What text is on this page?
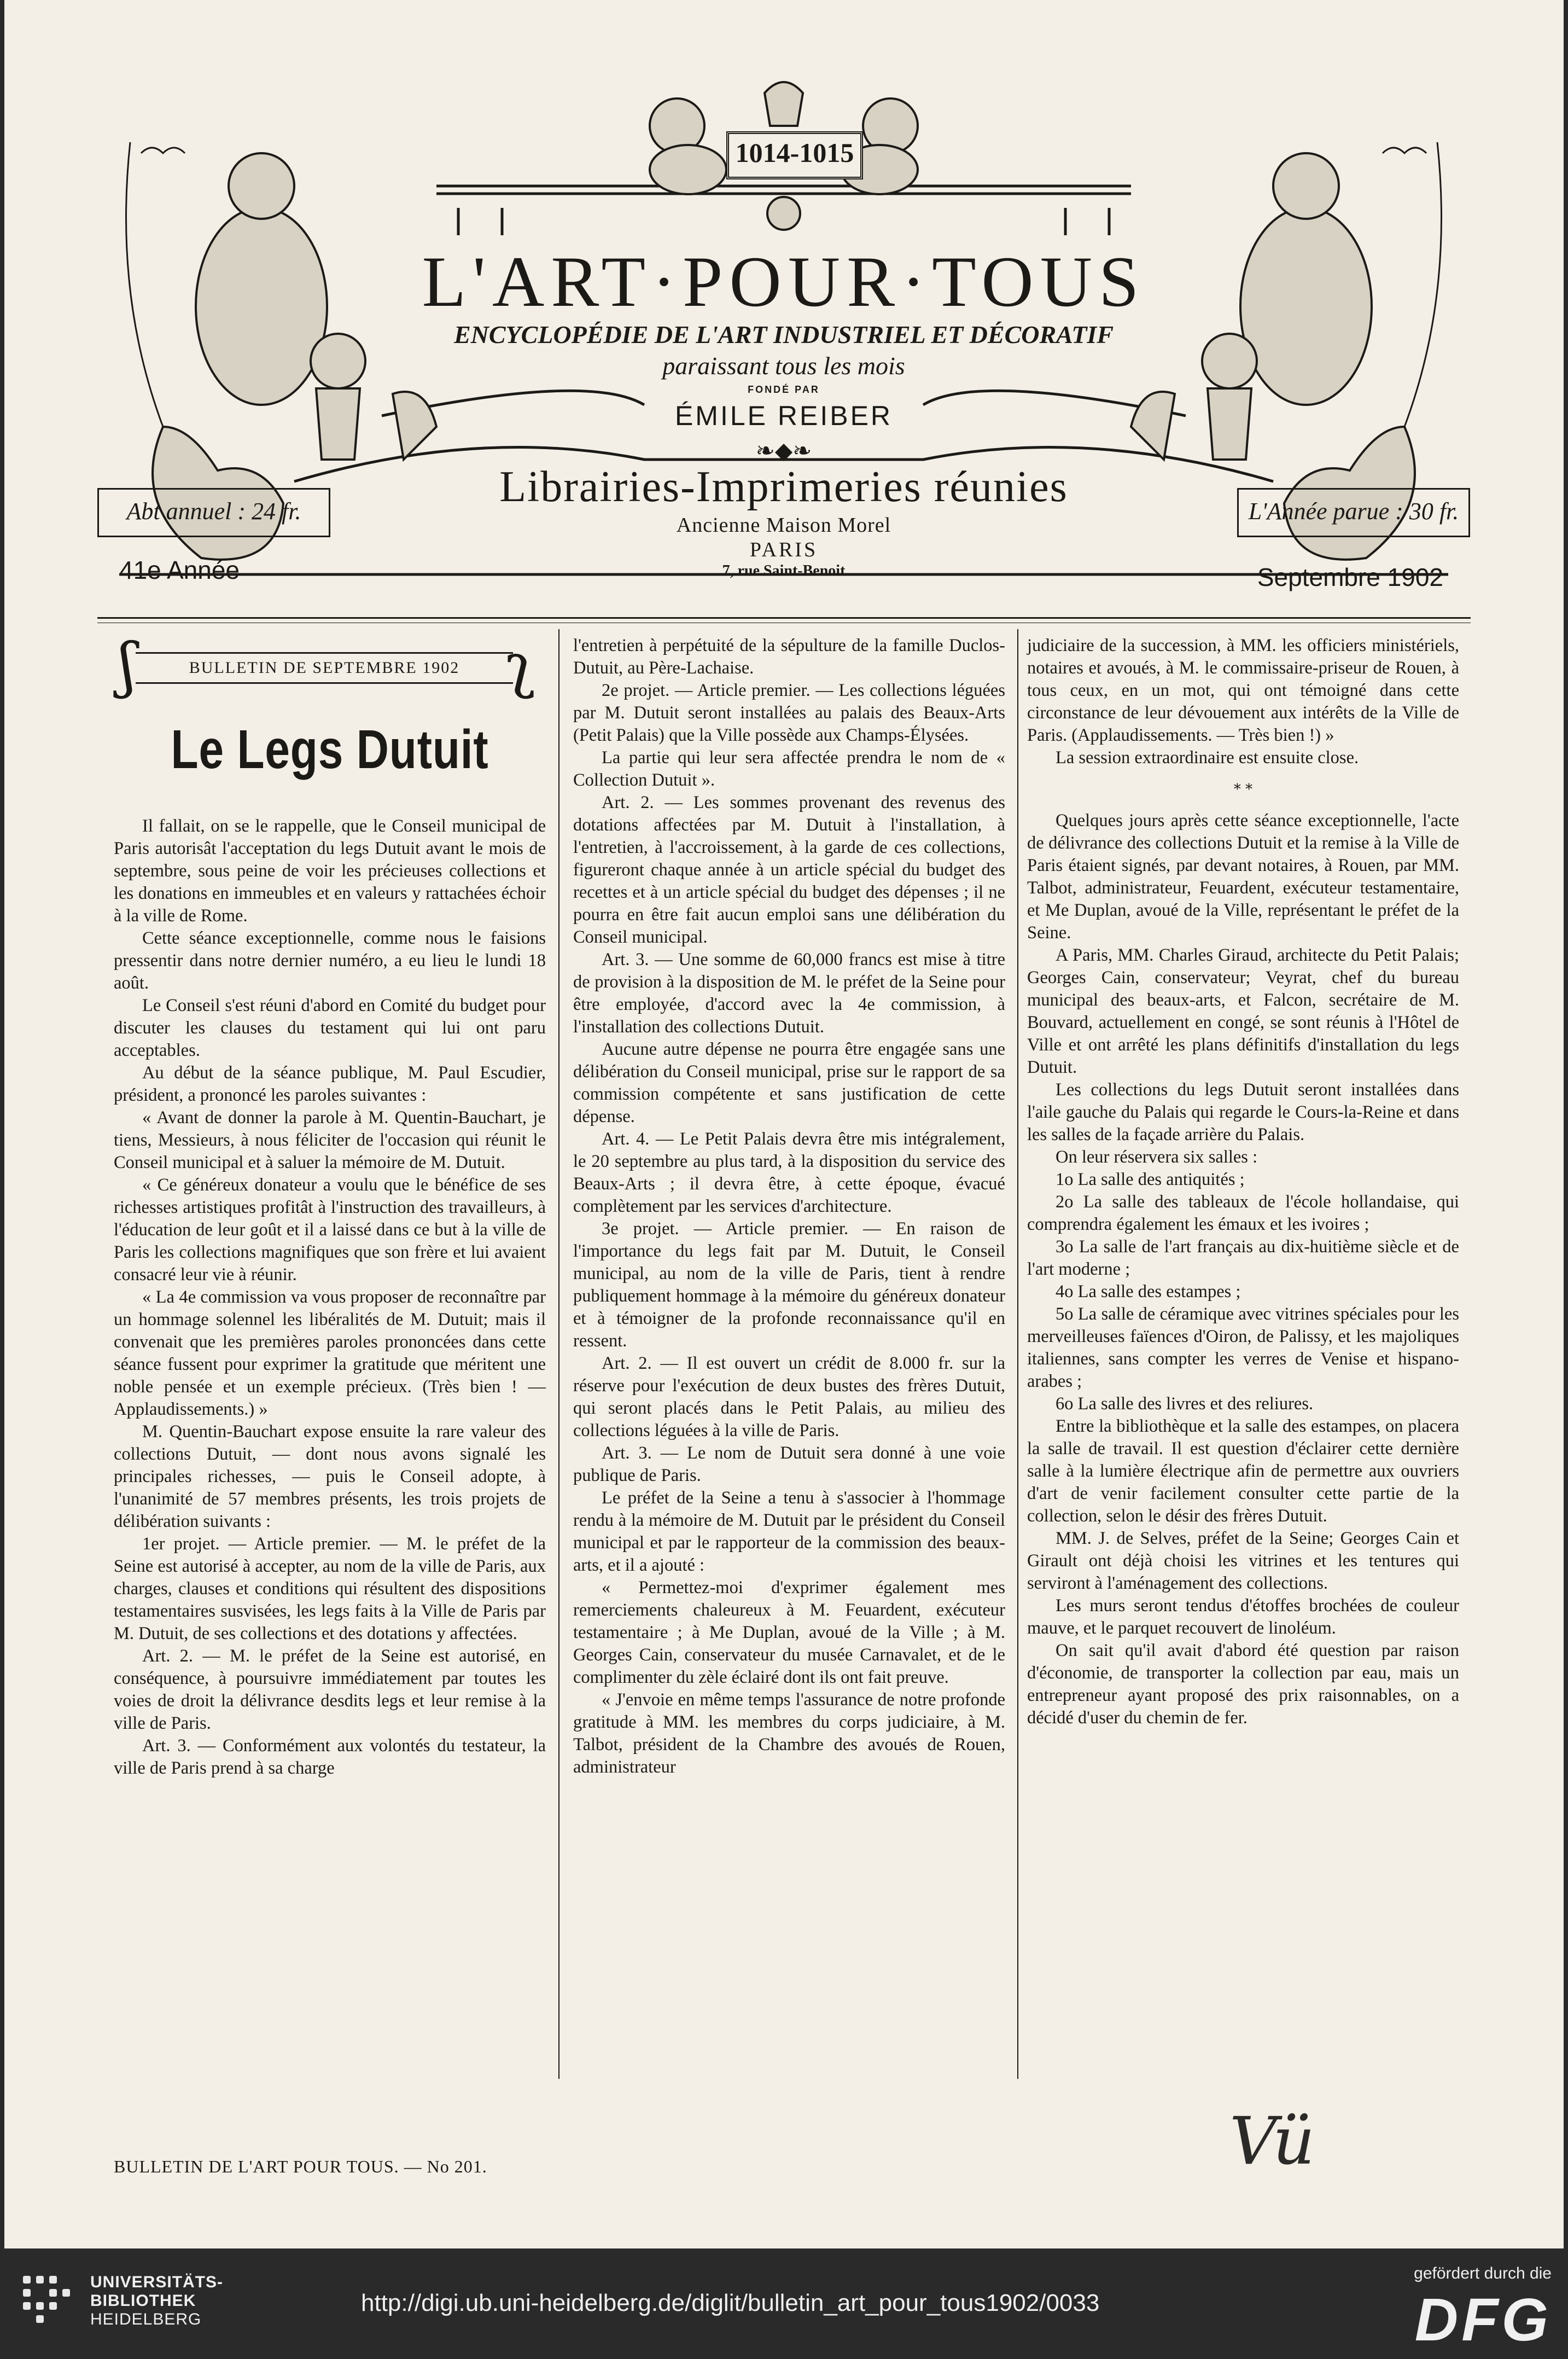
1014-1015
L'ART·POUR·TOUS
ENCYCLOPÉDIE DE L'ART INDUSTRIEL ET DÉCORATIF
paraissant tous les mois
FONDÉ PAR
ÉMILE REIBER
❧◆❧
Librairies-Imprimeries réunies
Abt annuel : 24 fr.	L'Année parue : 30 fr.
Ancienne Maison Morel
PARIS
7, rue Saint-Benoit
41e Année	Septembre 1902
ʃ	BULLETIN DE SEPTEMBRE 1902 ʅ
Le Legs Dutuit

Il fallait, on se le rappelle, que le Conseil municipal de Paris autorisât l'acceptation du legs Dutuit avant le mois de septembre, sous peine de voir les précieuses collections et les donations en immeubles et en valeurs y rattachées échoir à la ville de Rome.

Cette séance exceptionnelle, comme nous le faisions pressentir dans notre dernier numéro, a eu lieu le lundi 18 août.

Le Conseil s'est réuni d'abord en Comité du budget pour discuter les clauses du testament qui lui ont paru acceptables.

Au début de la séance publique, M. Paul Escudier, président, a prononcé les paroles suivantes :

« Avant de donner la parole à M. Quentin-Bauchart, je tiens, Messieurs, à nous féliciter de l'occasion qui réunit le Conseil municipal et à saluer la mémoire de M. Dutuit.

« Ce généreux donateur a voulu que le bénéfice de ses richesses artistiques profitât à l'instruction des travailleurs, à l'éducation de leur goût et il a laissé dans ce but à la ville de Paris les collections magnifiques que son frère et lui avaient consacré leur vie à réunir.

« La 4e commission va vous proposer de reconnaître par un hommage solennel les libéralités de M. Dutuit; mais il convenait que les premières paroles prononcées dans cette séance fussent pour exprimer la gratitude que méritent une noble pensée et un exemple précieux. (Très bien ! — Applaudissements.) »

M. Quentin-Bauchart expose ensuite la rare valeur des collections Dutuit, — dont nous avons signalé les principales richesses, — puis le Conseil adopte, à l'unanimité de 57 membres présents, les trois projets de délibération suivants :

1er projet. — Article premier. — M. le préfet de la Seine est autorisé à accepter, au nom de la ville de Paris, aux charges, clauses et conditions qui résultent des dispositions testamentaires susvisées, les legs faits à la Ville de Paris par M. Dutuit, de ses collections et des dotations y affectées.

Art. 2. — M. le préfet de la Seine est autorisé, en conséquence, à poursuivre immédiatement par toutes les voies de droit la délivrance desdits legs et leur remise à la ville de Paris.

Art. 3. — Conformément aux volontés du testateur, la ville de Paris prend à sa charge

l'entretien à perpétuité de la sépulture de la famille Duclos-Dutuit, au Père-Lachaise.

2e projet. — Article premier. — Les collections léguées par M. Dutuit seront installées au palais des Beaux-Arts (Petit Palais) que la Ville possède aux Champs-Élysées.

La partie qui leur sera affectée prendra le nom de « Collection Dutuit ».

Art. 2. — Les sommes provenant des revenus des dotations affectées par M. Dutuit à l'installation, à l'entretien, à l'accroissement, à la garde de ces collections, figureront chaque année à un article spécial du budget des recettes et à un article spécial du budget des dépenses ; il ne pourra en être fait aucun emploi sans une délibération du Conseil municipal.

Art. 3. — Une somme de 60,000 francs est mise à titre de provision à la disposition de M. le préfet de la Seine pour être employée, d'accord avec la 4e commission, à l'installation des collections Dutuit.

Aucune autre dépense ne pourra être engagée sans une délibération du Conseil municipal, prise sur le rapport de sa commission compétente et sans justification de cette dépense.

Art. 4. — Le Petit Palais devra être mis intégralement, le 20 septembre au plus tard, à la disposition du service des Beaux-Arts ; il devra être, à cette époque, évacué complètement par les services d'architecture.

3e projet. — Article premier. — En raison de l'importance du legs fait par M. Dutuit, le Conseil municipal, au nom de la ville de Paris, tient à rendre publiquement hommage à la mémoire du généreux donateur et à témoigner de la profonde reconnaissance qu'il en ressent.

Art. 2. — Il est ouvert un crédit de 8.000 fr. sur la réserve pour l'exécution de deux bustes des frères Dutuit, qui seront placés dans le Petit Palais, au milieu des collections léguées à la ville de Paris.

Art. 3. — Le nom de Dutuit sera donné à une voie publique de Paris.

Le préfet de la Seine a tenu à s'associer à l'hommage rendu à la mémoire de M. Dutuit par le président du Conseil municipal et par le rapporteur de la commission des beaux-arts, et il a ajouté :

« Permettez-moi d'exprimer également mes remerciements chaleureux à M. Feuardent, exécuteur testamentaire ; à Me Duplan, avoué de la Ville ; à M. Georges Cain, conservateur du musée Carnavalet, et de le complimenter du zèle éclairé dont ils ont fait preuve.

« J'envoie en même temps l'assurance de notre profonde gratitude à MM. les membres du corps judiciaire, à M. Talbot, président de la Chambre des avoués de Rouen, administrateur

judiciaire de la succession, à MM. les officiers ministériels, notaires et avoués, à M. le commissaire-priseur de Rouen, à tous ceux, en un mot, qui ont témoigné dans cette circonstance de leur dévouement aux intérêts de la Ville de Paris. (Applaudissements. — Très bien !) »

La session extraordinaire est ensuite close.

* *

Quelques jours après cette séance exceptionnelle, l'acte de délivrance des collections Dutuit et la remise à la Ville de Paris étaient signés, par devant notaires, à Rouen, par MM. Talbot, administrateur, Feuardent, exécuteur testamentaire, et Me Duplan, avoué de la Ville, représentant le préfet de la Seine.

A Paris, MM. Charles Giraud, architecte du Petit Palais; Georges Cain, conservateur; Veyrat, chef du bureau municipal des beaux-arts, et Falcon, secrétaire de M. Bouvard, actuellement en congé, se sont réunis à l'Hôtel de Ville et ont arrêté les plans définitifs d'installation du legs Dutuit.

Les collections du legs Dutuit seront installées dans l'aile gauche du Palais qui regarde le Cours-la-Reine et dans les salles de la façade arrière du Palais.

On leur réservera six salles :

1o La salle des antiquités ;

2o La salle des tableaux de l'école hollandaise, qui comprendra également les émaux et les ivoires ;

3o La salle de l'art français au dix-huitième siècle et de l'art moderne ;

4o La salle des estampes ;

5o La salle de céramique avec vitrines spéciales pour les merveilleuses faïences d'Oiron, de Palissy, et les majoliques italiennes, sans compter les verres de Venise et hispano-arabes ;

6o La salle des livres et des reliures.

Entre la bibliothèque et la salle des estampes, on placera la salle de travail. Il est question d'éclairer cette dernière salle à la lumière électrique afin de permettre aux ouvriers d'art de venir facilement consulter cette partie de la collection, selon le désir des frères Dutuit.

MM. J. de Selves, préfet de la Seine; Georges Cain et Girault ont déjà choisi les vitrines et les tentures qui serviront à l'aménagement des collections.

Les murs seront tendus d'étoffes brochées de couleur mauve, et le parquet recouvert de linoléum.

On sait qu'il avait d'abord été question par raison d'économie, de transporter la collection par eau, mais un entrepreneur ayant proposé des prix raisonnables, on a décidé d'user du chemin de fer.

BULLETIN DE L'ART POUR TOUS. — No 201.	Vü
UNIVERSITÄTS-
BIBLIOTHEK
HEIDELBERG
http://digi.ub.uni-heidelberg.de/diglit/bulletin_art_pour_tous1902/0033
gefördert durch die
DFG
